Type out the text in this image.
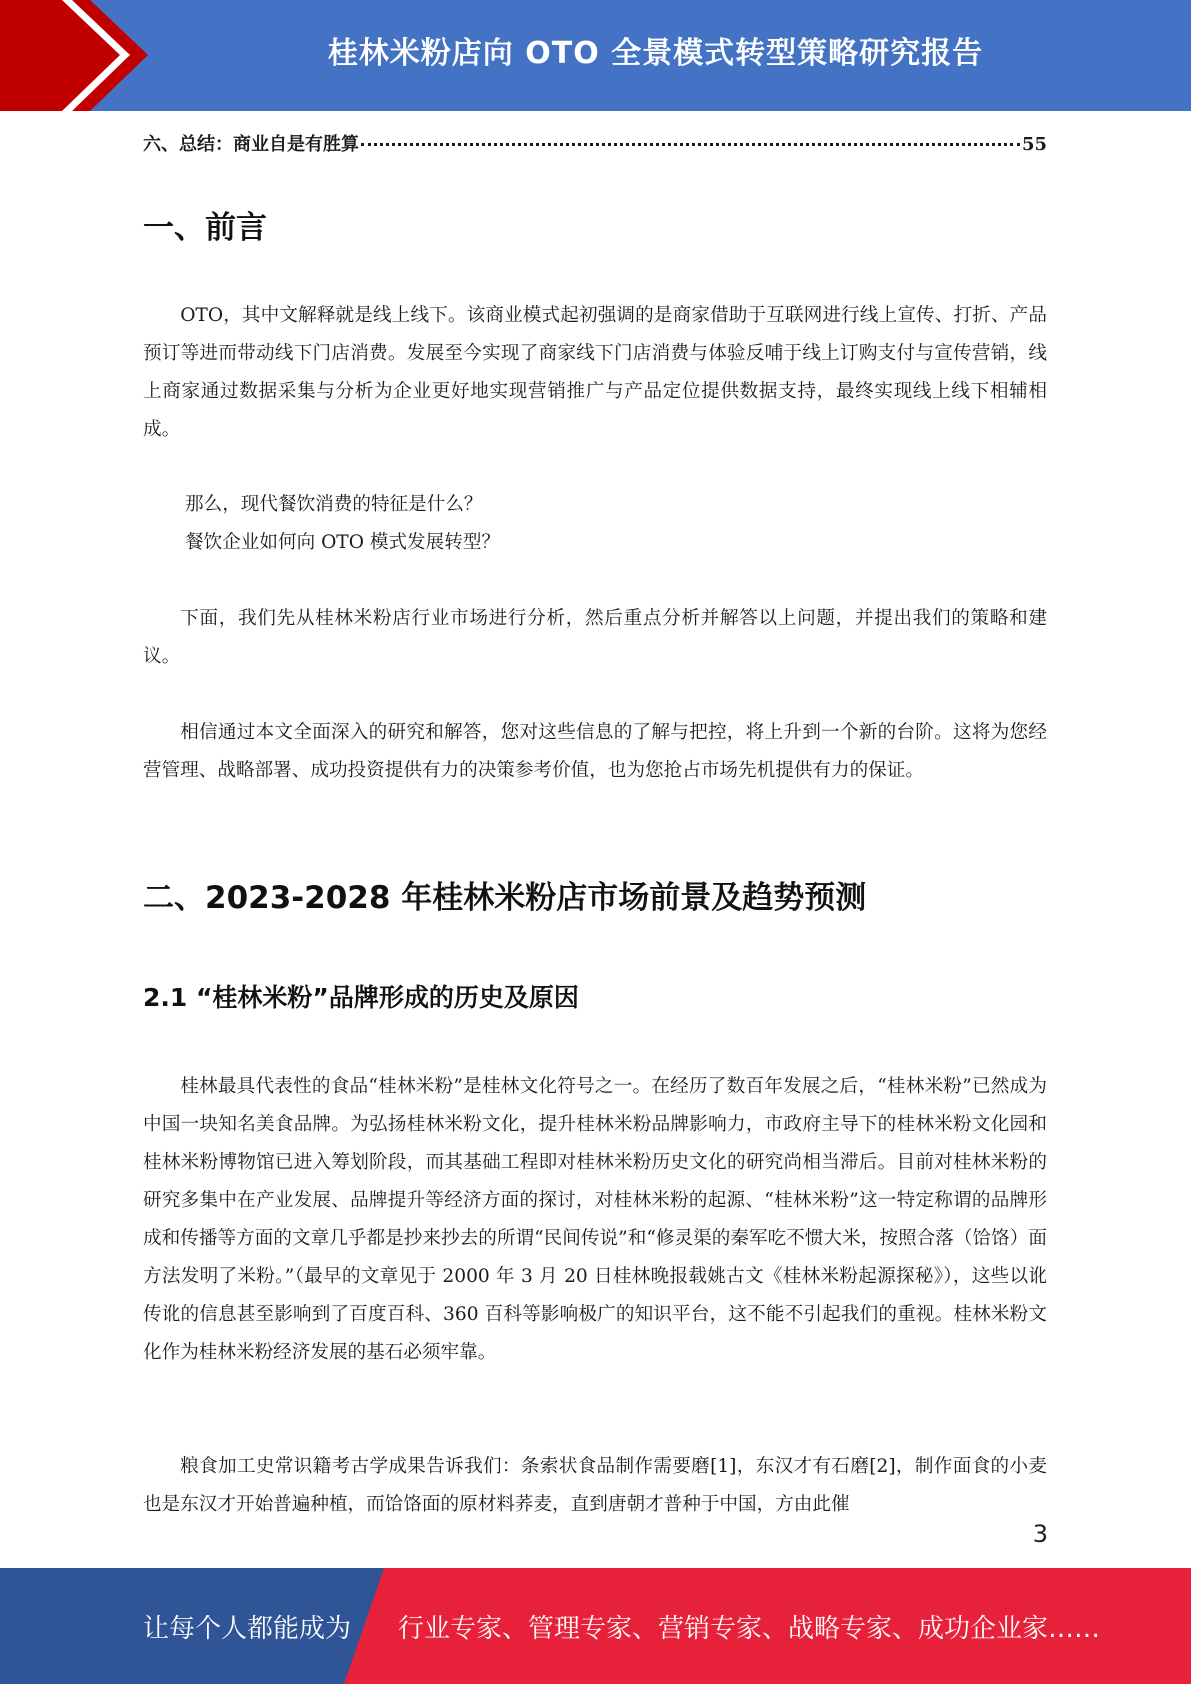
桂林米粉店向 OTO 全景模式转型策略研究报告
六、总结：商业自是有胜算	55
一、前言

OTO，其中文解释就是线上线下。该商业模式起初强调的是商家借助于互联网进行线上宣传、打折、产品预订等进而带动线下门店消费。发展至今实现了商家线下门店消费与体验反哺于线上订购支付与宣传营销，线上商家通过数据采集与分析为企业更好地实现营销推广与产品定位提供数据支持，最终实现线上线下相辅相成。

那么，现代餐饮消费的特征是什么？

餐饮企业如何向 OTO 模式发展转型？

下面，我们先从桂林米粉店行业市场进行分析，然后重点分析并解答以上问题，并提出我们的策略和建议。

相信通过本文全面深入的研究和解答，您对这些信息的了解与把控，将上升到一个新的台阶。这将为您经营管理、战略部署、成功投资提供有力的决策参考价值，也为您抢占市场先机提供有力的保证。

二、2023-2028 年桂林米粉店市场前景及趋势预测
2.1 “桂林米粉”品牌形成的历史及原因

桂林最具代表性的食品“桂林米粉”是桂林文化符号之一。在经历了数百年发展之后，“桂林米粉”已然成为中国一块知名美食品牌。为弘扬桂林米粉文化，提升桂林米粉品牌影响力，市政府主导下的桂林米粉文化园和桂林米粉博物馆已进入筹划阶段，而其基础工程即对桂林米粉历史文化的研究尚相当滞后。目前对桂林米粉的研究多集中在产业发展、品牌提升等经济方面的探讨，对桂林米粉的起源、“桂林米粉”这一特定称谓的品牌形成和传播等方面的文章几乎都是抄来抄去的所谓“民间传说”和“修灵渠的秦军吃不惯大米，按照合落（饸饹）面方法发明了米粉。”（最早的文章见于 2000 年 3 月 20 日桂林晚报载姚古文《桂林米粉起源探秘》），这些以讹传讹的信息甚至影响到了百度百科、360 百科等影响极广的知识平台，这不能不引起我们的重视。桂林米粉文化作为桂林米粉经济发展的基石必须牢靠。

粮食加工史常识籍考古学成果告诉我们：条索状食品制作需要磨[1]，东汉才有石磨[2]，制作面食的小麦也是东汉才开始普遍种植，而饸饹面的原材料荞麦，直到唐朝才普种于中国，方由此催

3
让每个人都能成为 行业专家、管理专家、营销专家、战略专家、成功企业家……
